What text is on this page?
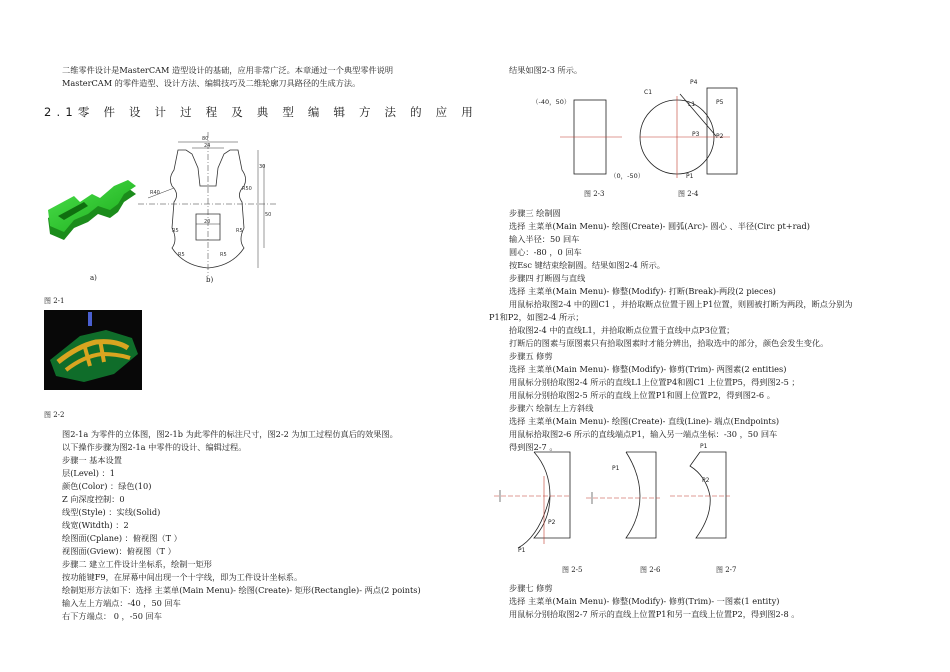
二维零件设计是MasterCAM 造型设计的基础，应用非常广泛。本章通过一个典型零件说明
MasterCAM 的零件造型、设计方法、编辑技巧及二维轮廓刀具路径的生成方法。
2.1零 件 设 计 过 程 及 典 型 编 辑 方 法 的 应 用
a)
80
24
30
50
20
R40
R50
R5
R5	R5
R5
b)
图 2-1
图 2-2
图2-1a 为零件的立体图，图2-1b 为此零件的标注尺寸，图2-2 为加工过程仿真后的效果图。
以下操作步骤为图2-1a 中零件的设计、编辑过程。
步骤一 基本设置
层(Level) ：1
颜色(Color) ：绿色(10)
Z 向深度控制：0
线型(Style) ：实线(Solid)
线宽(Witdth) ：2
绘图面(Cplane) ：俯视图（T ）
视图面(Gview)：俯视图（T ）
步骤二 建立工件设计坐标系，绘制一矩形
按功能键F9，在屏幕中间出现一个十字线，即为工件设计坐标系。
绘制矩形方法如下：选择 主菜单(Main Menu)- 绘图(Create)- 矩形(Rectangle)- 两点(2 points)
输入左上方端点：-40 ，50 回车
右下方端点： 0 ，-50 回车
结果如图2-3 所示。
（-40，50）
（0，-50）
C1
P4
L1	P5
P3	P2
P1
图 2-3	图 2-4
步骤三 绘制圆
选择 主菜单(Main Menu)- 绘图(Create)- 圆弧(Arc)- 圆心 、半径(Circ pt+rad)
输入半径：50 回车
圆心：-80 ，0 回车
按Esc 键结束绘制圆。结果如图2-4 所示。
步骤四 打断圆与直线
选择 主菜单(Main Menu)- 修整(Modify)- 打断(Break)-两段(2 pieces)
用鼠标拾取图2-4 中的圆C1 ，并拾取断点位置于圆上P1位置，则圆被打断为两段，断点分别为
P1和P2，如图2-4 所示；
拾取图2-4 中的直线L1，并拾取断点位置于直线中点P3位置；
打断后的图素与原图素只有拾取图素时才能分辨出，拾取选中的部分，颜色会发生变化。
步骤五 修剪
选择 主菜单(Main Menu)- 修整(Modify)- 修剪(Trim)- 两图素(2 entities)
用鼠标分别拾取图2-4 所示的直线L1上位置P4和圆C1 上位置P5，得到图2-5 ；
用鼠标分别拾取图2-5 所示的直线上位置P1和圆上位置P2，得到图2-6 。
步骤六 绘制左上方斜线
选择 主菜单(Main Menu)- 绘图(Create)- 直线(Line)- 端点(Endpoints)
用鼠标拾取图2-6 所示的直线端点P1，输入另一端点坐标：-30 ，50 回车
得到图2-7 。
P1
P2
P1
P1
P2
图 2-5	图 2-6	图 2-7
步骤七 修剪
选择 主菜单(Main Menu)- 修整(Modify)- 修剪(Trim)- 一图素(1 entity)
用鼠标分别拾取图2-7 所示的直线上位置P1和另一直线上位置P2，得到图2-8 。
